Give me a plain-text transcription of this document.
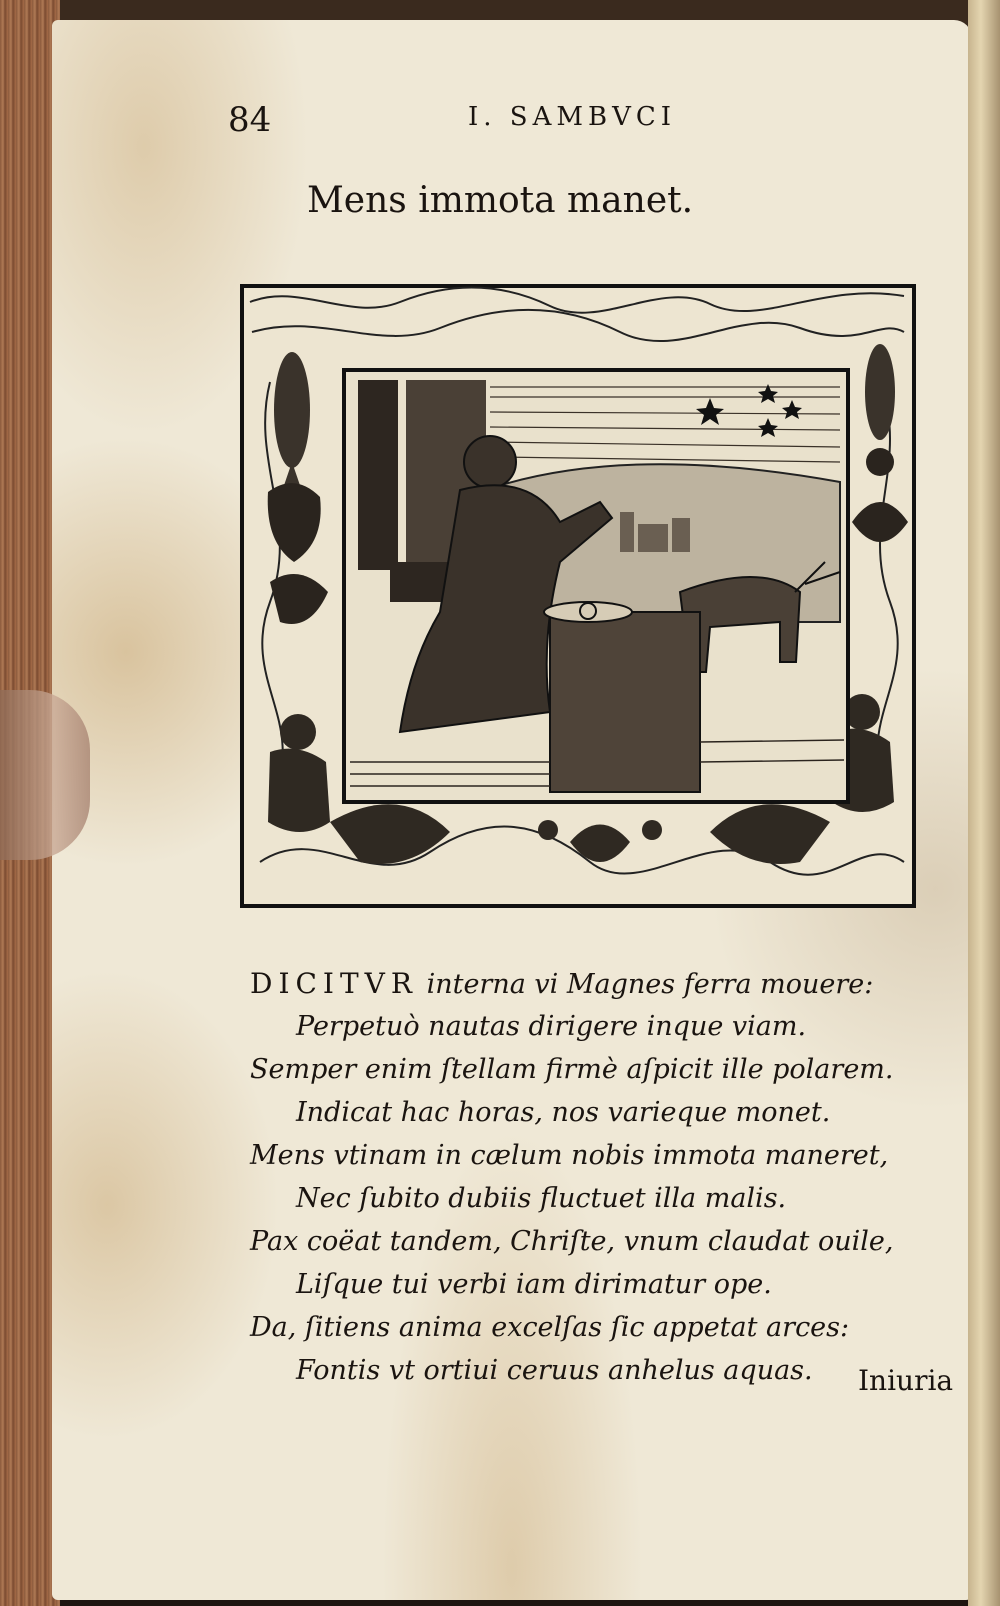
84	I. SAMBVCI
Mens immota manet.
DICITVR interna vi Magnes ferra mouere:
Perpetuò nautas dirigere inque viam.
Semper enim ſtellam firmè aſpicit ille polarem.
Indicat hac horas, nos varieque monet.
Mens vtinam in cælum nobis immota maneret,
Nec ſubito dubiis fluctuet illa malis.
Pax coëat tandem, Chriſte, vnum claudat ouile,
Liſque tui verbi iam dirimatur ope.
Da, ſitiens anima excelſas ſic appetat arces:
Fontis vt ortiui ceruus anhelus aquas.	Iniuria
